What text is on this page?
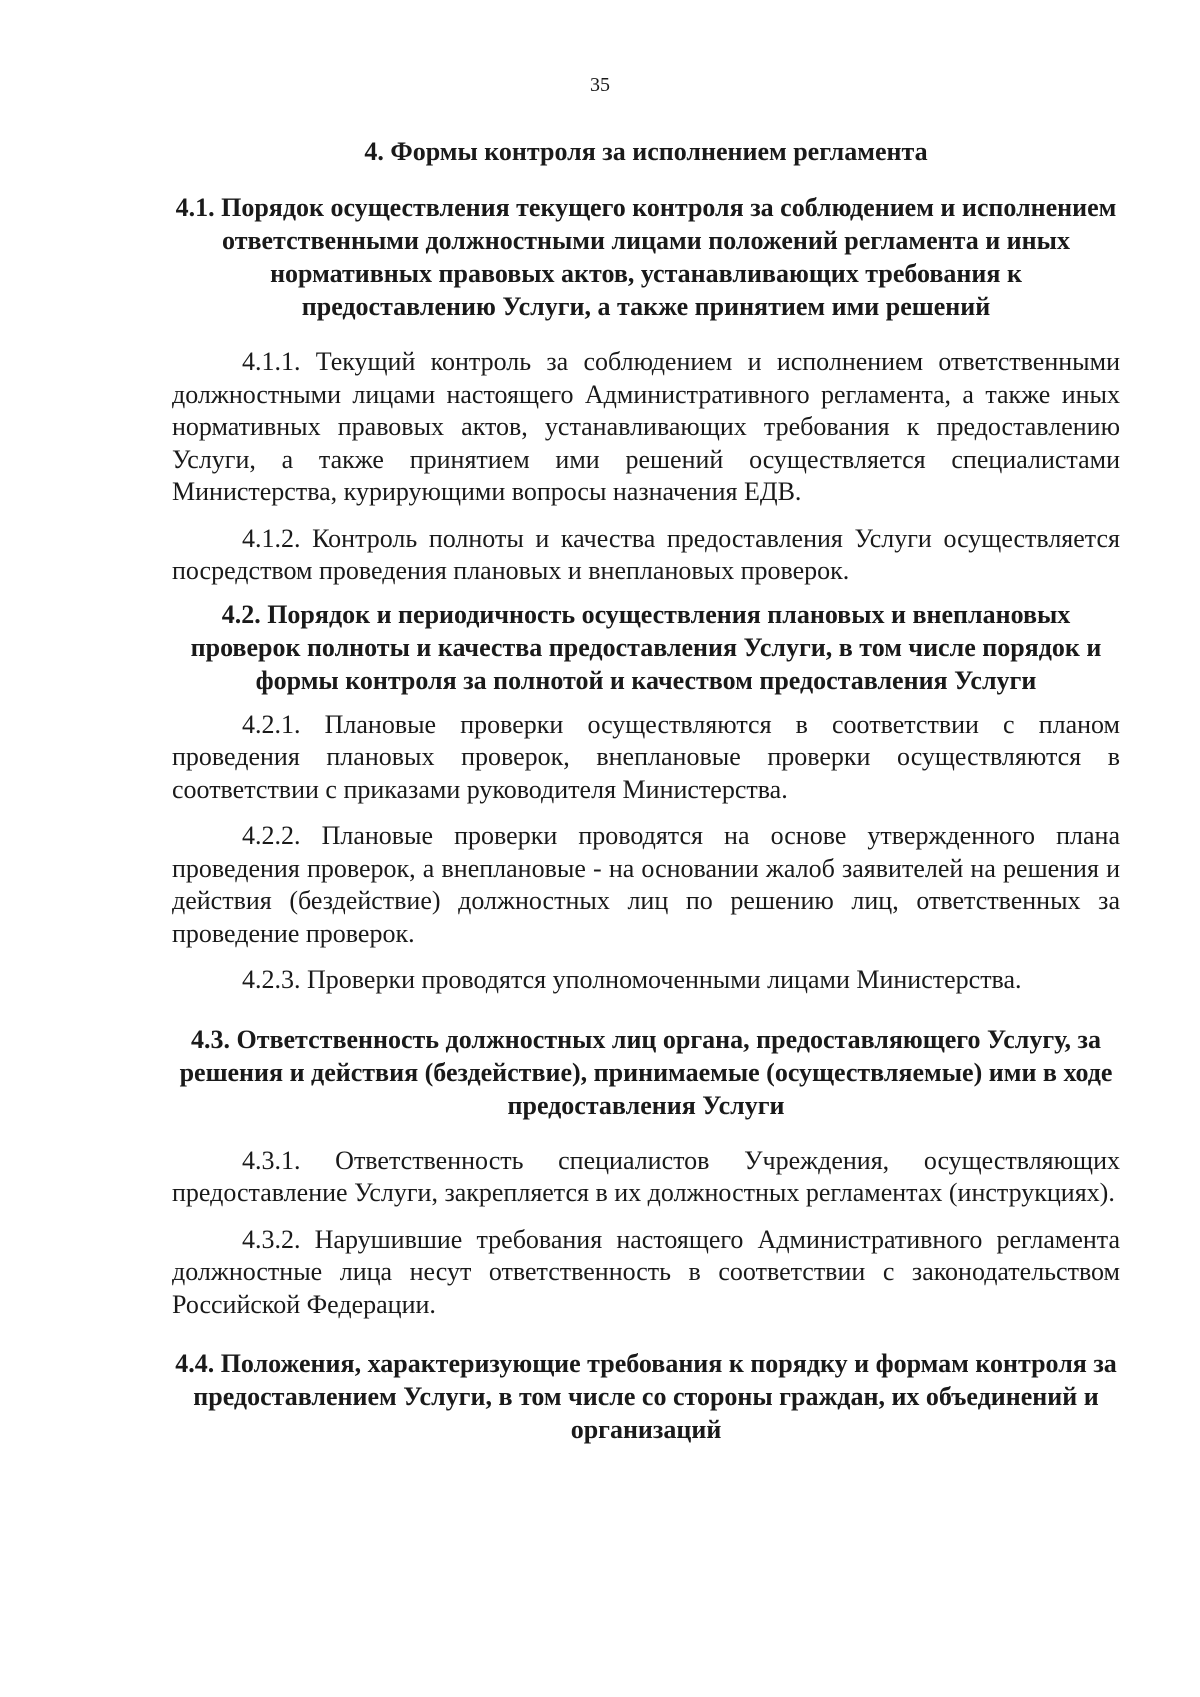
35
4. Формы контроля за исполнением регламента
4.1. Порядок осуществления текущего контроля за соблюдением и исполнением ответственными должностными лицами положений регламента и иных нормативных правовых актов, устанавливающих требования к предоставлению Услуги, а также принятием ими решений

4.1.1. Текущий контроль за соблюдением и исполнением ответственными должностными лицами настоящего Административного регламента, а также иных нормативных правовых актов, устанавливающих требования к предоставлению Услуги, а также принятием ими решений осуществляется специалистами Министерства, курирующими вопросы назначения ЕДВ.

4.1.2. Контроль полноты и качества предоставления Услуги осуществляется посредством проведения плановых и внеплановых проверок.

4.2. Порядок и периодичность осуществления плановых и внеплановых проверок полноты и качества предоставления Услуги, в том числе порядок и формы контроля за полнотой и качеством предоставления Услуги

4.2.1. Плановые проверки осуществляются в соответствии с планом проведения плановых проверок, внеплановые проверки осуществляются в соответствии с приказами руководителя Министерства.

4.2.2. Плановые проверки проводятся на основе утвержденного плана проведения проверок, а внеплановые - на основании жалоб заявителей на решения и действия (бездействие) должностных лиц по решению лиц, ответственных за проведение проверок.

4.2.3. Проверки проводятся уполномоченными лицами Министерства.

4.3. Ответственность должностных лиц органа, предоставляющего Услугу, за решения и действия (бездействие), принимаемые (осуществляемые) ими в ходе предоставления Услуги

4.3.1. Ответственность специалистов Учреждения, осуществляющих предоставление Услуги, закрепляется в их должностных регламентах (инструкциях).

4.3.2. Нарушившие требования настоящего Административного регламента должностные лица несут ответственность в соответствии с законодательством Российской Федерации.

4.4. Положения, характеризующие требования к порядку и формам контроля за предоставлением Услуги, в том числе со стороны граждан, их объединений и организаций
